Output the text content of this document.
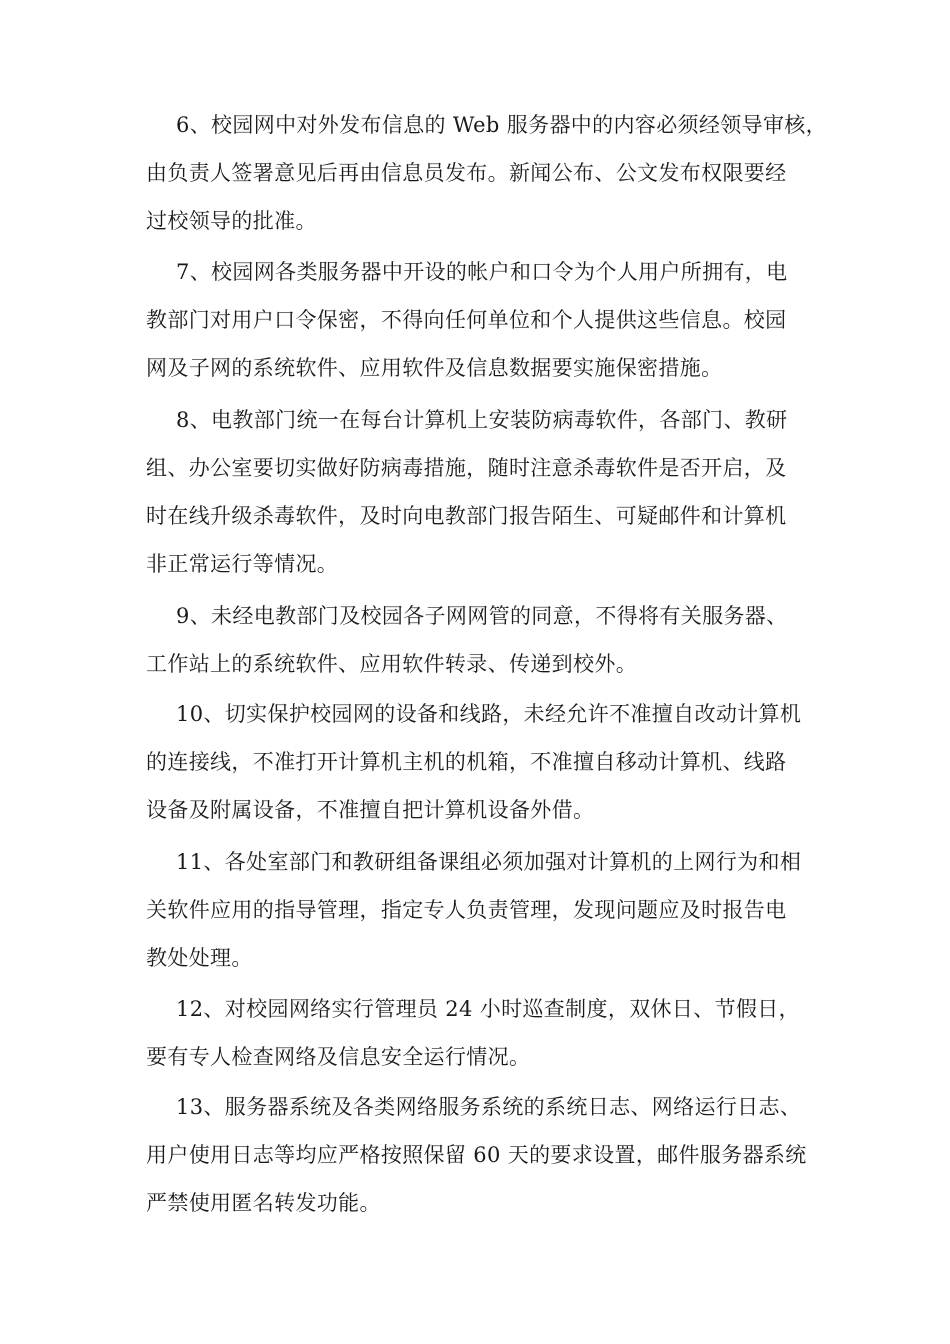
6、校园网中对外发布信息的 Web 服务器中的内容必须经领导审核，
由负责人签署意见后再由信息员发布。新闻公布、公文发布权限要经
过校领导的批准。
7、校园网各类服务器中开设的帐户和口令为个人用户所拥有，电
教部门对用户口令保密，不得向任何单位和个人提供这些信息。校园
网及子网的系统软件、应用软件及信息数据要实施保密措施。
8、电教部门统一在每台计算机上安装防病毒软件，各部门、教研
组、办公室要切实做好防病毒措施，随时注意杀毒软件是否开启，及
时在线升级杀毒软件，及时向电教部门报告陌生、可疑邮件和计算机
非正常运行等情况。
9、未经电教部门及校园各子网网管的同意，不得将有关服务器、
工作站上的系统软件、应用软件转录、传递到校外。
10、切实保护校园网的设备和线路，未经允许不准擅自改动计算机
的连接线，不准打开计算机主机的机箱，不准擅自移动计算机、线路
设备及附属设备，不准擅自把计算机设备外借。
11、各处室部门和教研组备课组必须加强对计算机的上网行为和相
关软件应用的指导管理，指定专人负责管理，发现问题应及时报告电
教处处理。
12、对校园网络实行管理员 24 小时巡查制度，双休日、节假日，
要有专人检查网络及信息安全运行情况。
13、服务器系统及各类网络服务系统的系统日志、网络运行日志、
用户使用日志等均应严格按照保留 60 天的要求设置，邮件服务器系统
严禁使用匿名转发功能。
